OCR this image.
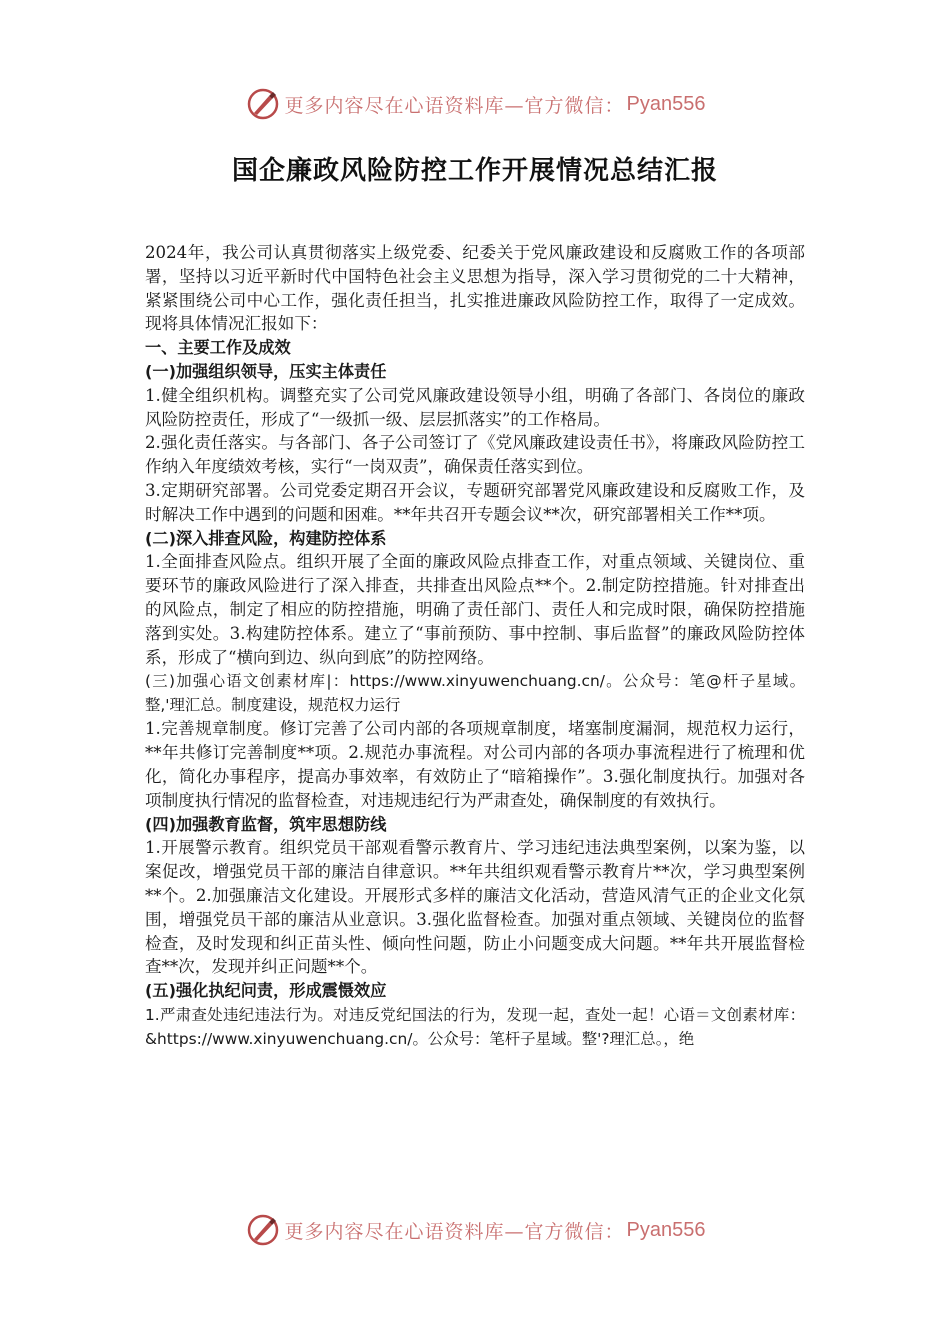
更多内容尽在心语资料库—官方微信： Pyan556
国企廉政风险防控工作开展情况总结汇报

2024年，我公司认真贯彻落实上级党委、纪委关于党风廉政建设和反腐败工作的各项部署，坚持以习近平新时代中国特色社会主义思想为指导，深入学习贯彻党的二十大精神，紧紧围绕公司中心工作，强化责任担当，扎实推进廉政风险防控工作，取得了一定成效。现将具体情况汇报如下：

一、主要工作及成效

(一)加强组织领导，压实主体责任

1.健全组织机构。调整充实了公司党风廉政建设领导小组，明确了各部门、各岗位的廉政风险防控责任，形成了“一级抓一级、层层抓落实”的工作格局。

2.强化责任落实。与各部门、各子公司签订了《党风廉政建设责任书》，将廉政风险防控工作纳入年度绩效考核，实行“一岗双责”，确保责任落实到位。

3.定期研究部署。公司党委定期召开会议，专题研究部署党风廉政建设和反腐败工作，及时解决工作中遇到的问题和困难。**年共召开专题会议**次，研究部署相关工作**项。

(二)深入排查风险，构建防控体系

1.全面排查风险点。组织开展了全面的廉政风险点排查工作，对重点领域、关键岗位、重要环节的廉政风险进行了深入排查，共排查出风险点**个。2.制定防控措施。针对排查出的风险点，制定了相应的防控措施，明确了责任部门、责任人和完成时限，确保防控措施落到实处。3.构建防控体系。建立了“事前预防、事中控制、事后监督”的廉政风险防控体系，形成了“横向到边、纵向到底”的防控网络。

(三)加强心语文创素材库|：https://www.xinyuwenchuang.cn/。公众号：笔@杆子星域。整,'理汇总。制度建设，规范权力运行

1.完善规章制度。修订完善了公司内部的各项规章制度，堵塞制度漏洞，规范权力运行，**年共修订完善制度**项。2.规范办事流程。对公司内部的各项办事流程进行了梳理和优化，简化办事程序，提高办事效率，有效防止了“暗箱操作”。3.强化制度执行。加强对各项制度执行情况的监督检查，对违规违纪行为严肃查处，确保制度的有效执行。

(四)加强教育监督，筑牢思想防线

1.开展警示教育。组织党员干部观看警示教育片、学习违纪违法典型案例，以案为鉴，以案促改，增强党员干部的廉洁自律意识。**年共组织观看警示教育片**次，学习典型案例**个。2.加强廉洁文化建设。开展形式多样的廉洁文化活动，营造风清气正的企业文化氛围，增强党员干部的廉洁从业意识。3.强化监督检查。加强对重点领域、关键岗位的监督检查，及时发现和纠正苗头性、倾向性问题，防止小问题变成大问题。**年共开展监督检查**次，发现并纠正问题**个。

(五)强化执纪问责，形成震慑效应

1.严肃查处违纪违法行为。对违反党纪国法的行为，发现一起，查处一起！心语＝文创素材库：&https://www.xinyuwenchuang.cn/。公众号：笔杆子星域。整'?理汇总。，绝

更多内容尽在心语资料库—官方微信： Pyan556
